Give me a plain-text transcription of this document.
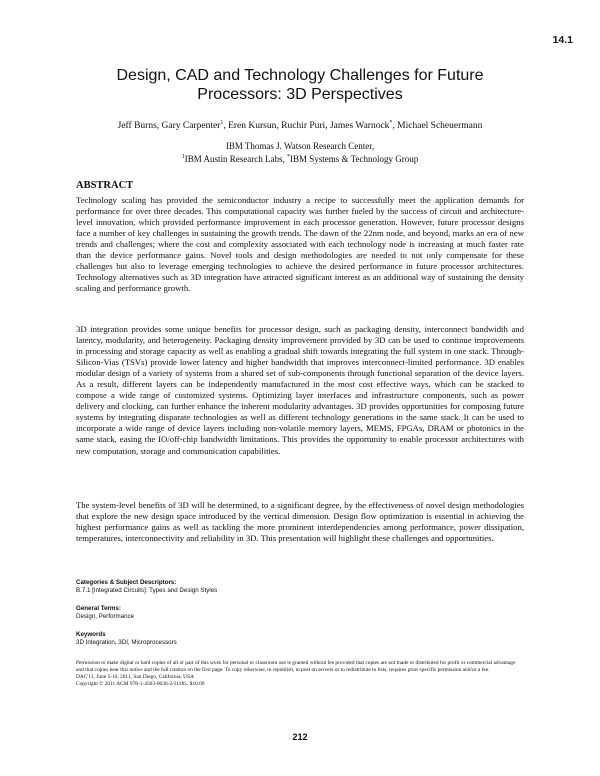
14.1
Design, CAD and Technology Challenges for Future
Processors: 3D Perspectives
Jeff Burns, Gary Carpenter$^1$, Eren Kursun, Ruchir Puri, James Warnock*, Michael Scheuermann
IBM Thomas J. Watson Research Center,
$^1$IBM Austin Research Labs, *IBM Systems & Technology Group
ABSTRACT

Technology scaling has provided the semiconductor industry a recipe to successfully meet the application demands for performance for over three decades. This computational capacity was further fueled by the success of circuit and architecture-level innovation, which provided performance improvement in each processor generation. However, future processor designs face a number of key challenges in sustaining the growth trends. The dawn of the 22nm node, and beyond, marks an era of new trends and challenges; where the cost and complexity associated with each technology node is increasing at much faster rate than the device performance gains. Novel tools and design methodologies are needed to not only compensate for these challenges but also to leverage emerging technologies to achieve the desired performance in future processor architectures. Technology alternatives such as 3D integration have attracted significant interest as an additional way of sustaining the density scaling and performance growth.

3D integration provides some unique benefits for processor design, such as packaging density, interconnect bandwidth and latency, modularity, and heterogeneity. Packaging density improvement provided by 3D can be used to continue improvements in processing and storage capacity as well as enabling a gradual shift towards integrating the full system in one stack. Through-Silicon-Vias (TSVs) provide lower latency and higher bandwidth that improves interconnect-limited performance. 3D enables modular design of a variety of systems from a shared set of sub-components through functional separation of the device layers. As a result, different layers can be independently manufactured in the most cost effective ways, which can be stacked to compose a wide range of customized systems. Optimizing layer interfaces and infrastructure components, such as power delivery and clocking, can further enhance the inherent modularity advantages. 3D provides opportunities for composing future systems by integrating disparate technologies as well as different technology generations in the same stack. It can be used to incorporate a wide range of device layers including non-volatile memory layers, MEMS, FPGAs, DRAM or photonics in the same stack, easing the IO/off-chip bandwidth limitations. This provides the opportunity to enable processor architectures with new computation, storage and communication capabilities.

The system-level benefits of 3D will be determined, to a significant degree, by the effectiveness of novel design methodologies that explore the new design space introduced by the vertical dimension. Design flow optimization is essential in achieving the highest performance gains as well as tackling the more prominent interdependencies among performance, power dissipation, temperatures, interconnectivity and reliability in 3D. This presentation will highlight these challenges and opportunities.

Categories & Subject Descriptors:
B.7.1 [Integrated Circuits]: Types and Design Styles
General Terms:
Design, Performance
Keywords
3D Integration, 3DI, Microprocessors
Permission to make digital or hard copies of all or part of this work for personal or classroom use is granted without fee provided that copies are not made or distributed for profit or commercial advantage and that copies bear this notice and the full citation on the first page. To copy otherwise, to republish, to post on servers or to redistribute to lists, requires prior specific permission and/or a fee.
DAC'11, June 5-10, 2011, San Diego, California, USA
Copyright © 2011 ACM 978-1-4503-0636-2/11/06...$10.00
212
